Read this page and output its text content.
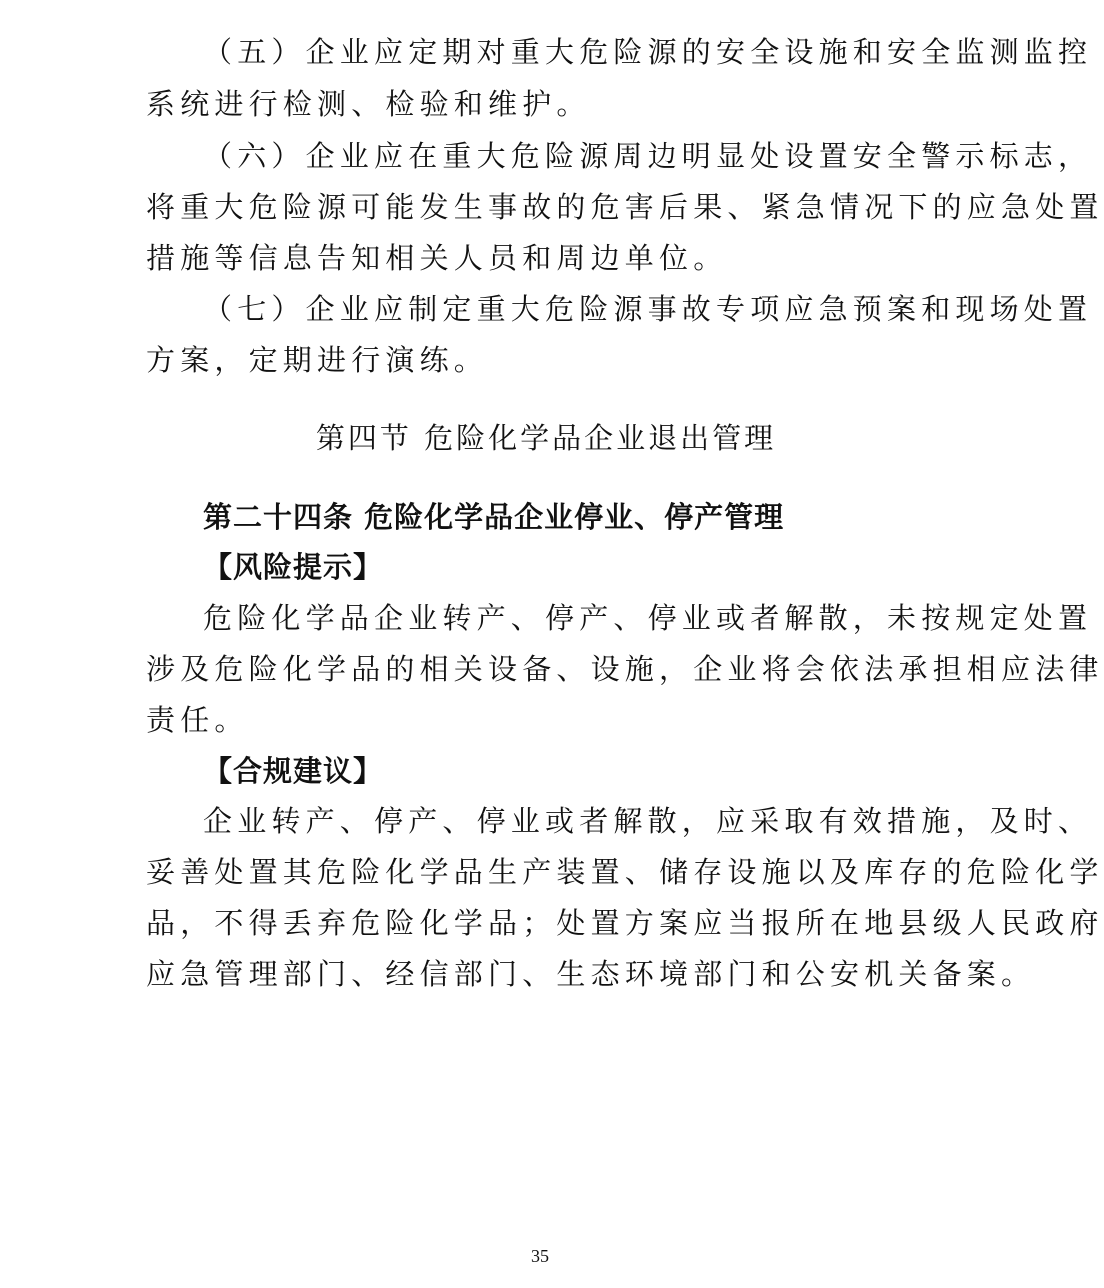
（五）企业应定期对重大危险源的安全设施和安全监测监控
系统进行检测、检验和维护。
（六）企业应在重大危险源周边明显处设置安全警示标志，
将重大危险源可能发生事故的危害后果、紧急情况下的应急处置
措施等信息告知相关人员和周边单位。
（七）企业应制定重大危险源事故专项应急预案和现场处置
方案，定期进行演练。
第四节 危险化学品企业退出管理
第二十四条 危险化学品企业停业、停产管理
【风险提示】
危险化学品企业转产、停产、停业或者解散，未按规定处置
涉及危险化学品的相关设备、设施，企业将会依法承担相应法律
责任。
【合规建议】
企业转产、停产、停业或者解散，应采取有效措施，及时、
妥善处置其危险化学品生产装置、储存设施以及库存的危险化学
品，不得丢弃危险化学品；处置方案应当报所在地县级人民政府
应急管理部门、经信部门、生态环境部门和公安机关备案。
35
